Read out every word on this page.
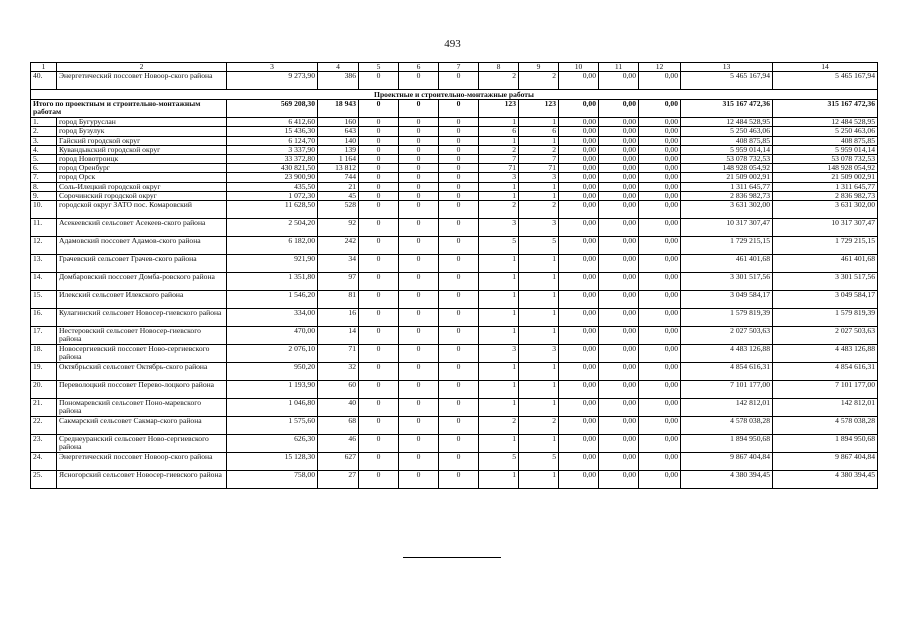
493
1	2	3	4	5	6	7	8	9	10	11	12	13	14
40.	Энергетический поссовет Новоор-ского района	9 273,90	386	0	0	0	2	2	0,00	0,00	0,00	5 465 167,94	5 465 167,94
Проектные и строительно-монтажные работы													
Итого по проектным и строительно-монтажным работам		569 208,30	18 943	0	0	0	123	123	0,00	0,00	0,00	315 167 472,36	315 167 472,36
1.	город Бугуруслан	6 412,60	160	0	0	0	1	1	0,00	0,00	0,00	12 484 528,95	12 484 528,95
2.	город Бузулук	15 436,30	643	0	0	0	6	6	0,00	0,00	0,00	5 250 463,06	5 250 463,06
3.	Гайский городской округ	6 124,70	140	0	0	0	1	1	0,00	0,00	0,00	408 875,85	408 875,85
4.	Кувандыкский городской округ	3 337,90	139	0	0	0	2	2	0,00	0,00	0,00	5 959 014,14	5 959 014,14
5.	город Новотроицк	33 372,80	1 164	0	0	0	7	7	0,00	0,00	0,00	53 078 732,53	53 078 732,53
6.	город Оренбург	430 821,50	13 812	0	0	0	71	71	0,00	0,00	0,00	148 928 054,92	148 928 054,92
7.	город Орск	23 900,90	744	0	0	0	3	3	0,00	0,00	0,00	21 509 002,91	21 509 002,91
8.	Соль-Илецкий городской округ	435,50	21	0	0	0	1	1	0,00	0,00	0,00	1 311 645,77	1 311 645,77
9.	Сорочинский городской округ	1 072,30	45	0	0	0	1	1	0,00	0,00	0,00	2 836 982,73	2 836 982,73
10.	городской округ ЗАТО пос. Комаровский	11 628,50	528	0	0	0	2	2	0,00	0,00	0,00	3 631 302,00	3 631 302,00
11.	Асекеевский сельсовет Асекеев-ского района	2 504,20	92	0	0	0	3	3	0,00	0,00	0,00	10 317 307,47	10 317 307,47
12.	Адамовский поссовет Адамов-ского района	6 182,00	242	0	0	0	5	5	0,00	0,00	0,00	1 729 215,15	1 729 215,15
13.	Грачевский сельсовет Грачев-ского района	921,90	34	0	0	0	1	1	0,00	0,00	0,00	461 401,68	461 401,68
14.	Домбаровский поссовет Домба-ровского района	1 351,80	97	0	0	0	1	1	0,00	0,00	0,00	3 301 517,56	3 301 517,56
15.	Илекский сельсовет Илекского района	1 546,20	81	0	0	0	1	1	0,00	0,00	0,00	3 049 584,17	3 049 584,17
16.	Кулагинский сельсовет Новосер-гиевского района	334,00	16	0	0	0	1	1	0,00	0,00	0,00	1 579 819,39	1 579 819,39
17.	Нестеровский сельсовет Новосер-гиевского района	470,00	14	0	0	0	1	1	0,00	0,00	0,00	2 027 503,63	2 027 503,63
18.	Новосергиевский поссовет Ново-сергиевского района	2 076,10	71	0	0	0	3	3	0,00	0,00	0,00	4 483 126,88	4 483 126,88
19.	Октябрьский сельсовет Октябрь-ского района	950,20	32	0	0	0	1	1	0,00	0,00	0,00	4 854 616,31	4 854 616,31
20.	Переволоцкий поссовет Перево-лоцкого района	1 193,90	60	0	0	0	1	1	0,00	0,00	0,00	7 101 177,00	7 101 177,00
21.	Пономаревский сельсовет Поно-маревского района	1 046,80	40	0	0	0	1	1	0,00	0,00	0,00	142 812,01	142 812,01
22.	Сакмарский сельсовет Сакмар-ского района	1 575,60	68	0	0	0	2	2	0,00	0,00	0,00	4 578 038,28	4 578 038,28
23.	Среднеуранский сельсовет Ново-сергиевского района	626,30	46	0	0	0	1	1	0,00	0,00	0,00	1 894 950,68	1 894 950,68
24.	Энергетический поссовет Новоор-ского района	15 128,30	627	0	0	0	5	5	0,00	0,00	0,00	9 867 404,84	9 867 404,84
25.	Ясногорский сельсовет Новосер-гиевского района	758,00	27	0	0	0	1	1	0,00	0,00	0,00	4 380 394,45	4 380 394,45
